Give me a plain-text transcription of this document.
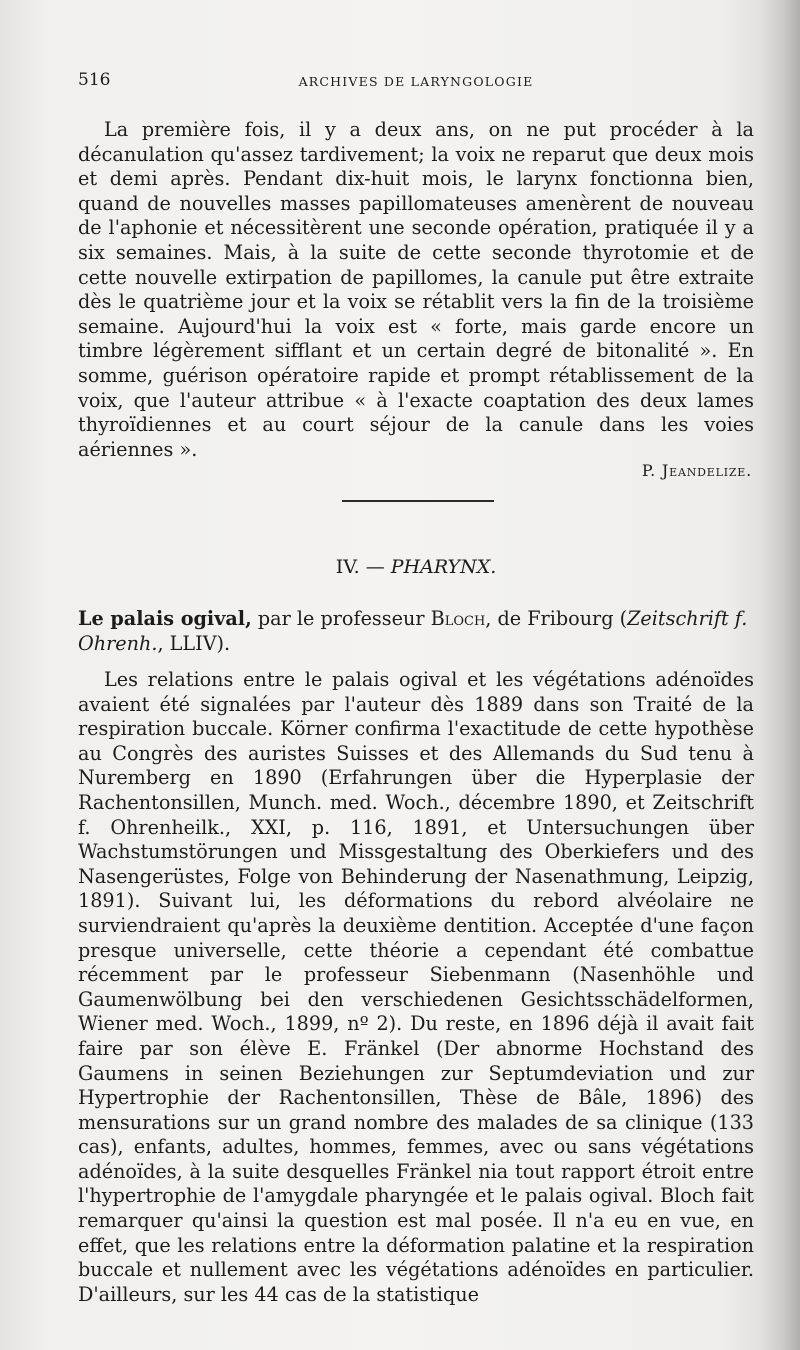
516	ARCHIVES DE LARYNGOLOGIE

La première fois, il y a deux ans, on ne put procéder à la décanulation qu'assez tardivement; la voix ne reparut que deux mois et demi après. Pendant dix-huit mois, le larynx fonctionna bien, quand de nouvelles masses papillomateuses amenèrent de nouveau de l'aphonie et nécessitèrent une seconde opération, pratiquée il y a six semaines. Mais, à la suite de cette seconde thyrotomie et de cette nouvelle extirpation de papillomes, la canule put être extraite dès le quatrième jour et la voix se rétablit vers la fin de la troisième semaine. Aujourd'hui la voix est « forte, mais garde encore un timbre légèrement sifflant et un certain degré de bitonalité ». En somme, guérison opératoire rapide et prompt rétablissement de la voix, que l'auteur attribue « à l'exacte coaptation des deux lames thyroïdiennes et au court séjour de la canule dans les voies aériennes ».

P. Jeandelize.
IV. — PHARYNX.

Le palais ogival, par le professeur Bloch, de Fribourg (Zeitschrift f. Ohrenh., LLIV).

Les relations entre le palais ogival et les végétations adénoïdes avaient été signalées par l'auteur dès 1889 dans son Traité de la respiration buccale. Körner confirma l'exactitude de cette hypothèse au Congrès des auristes Suisses et des Allemands du Sud tenu à Nuremberg en 1890 (Erfahrungen über die Hyperplasie der Rachentonsillen, Munch. med. Woch., décembre 1890, et Zeitschrift f. Ohrenheilk., XXI, p. 116, 1891, et Untersuchungen über Wachstumstörungen und Missgestaltung des Oberkiefers und des Nasengerüstes, Folge von Behinderung der Nasenathmung, Leipzig, 1891). Suivant lui, les déformations du rebord alvéolaire ne surviendraient qu'après la deuxième dentition. Acceptée d'une façon presque universelle, cette théorie a cependant été combattue récemment par le professeur Siebenmann (Nasenhöhle und Gaumenwölbung bei den verschiedenen Gesichtsschädelformen, Wiener med. Woch., 1899, nº 2). Du reste, en 1896 déjà il avait fait faire par son élève E. Fränkel (Der abnorme Hochstand des Gaumens in seinen Beziehungen zur Septumdeviation und zur Hypertrophie der Rachentonsillen, Thèse de Bâle, 1896) des mensurations sur un grand nombre des malades de sa clinique (133 cas), enfants, adultes, hommes, femmes, avec ou sans végétations adénoïdes, à la suite desquelles Fränkel nia tout rapport étroit entre l'hypertrophie de l'amygdale pharyngée et le palais ogival. Bloch fait remarquer qu'ainsi la question est mal posée. Il n'a eu en vue, en effet, que les relations entre la déformation palatine et la respiration buccale et nullement avec les végétations adénoïdes en particulier. D'ailleurs, sur les 44 cas de la statistique
